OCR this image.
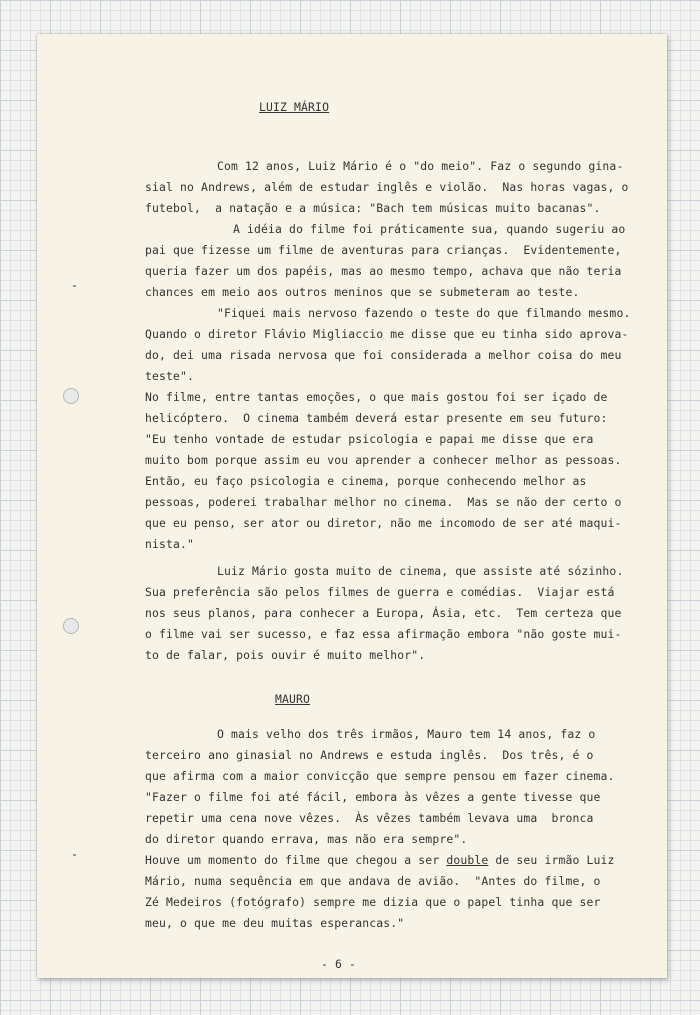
LUIZ MÁRIO
Com 12 anos, Luiz Mário é o "do meio". Faz o segundo gina-
sial no Andrews, além de estudar inglês e violão.  Nas horas vagas, o
futebol,  a natação e a música: "Bach tem músicas muito bacanas".
A idéia do filme foi práticamente sua, quando sugeriu ao
pai que fizesse um filme de aventuras para crianças.  Evidentemente,
queria fazer um dos papéis, mas ao mesmo tempo, achava que não teria
chances em meio aos outros meninos que se submeteram ao teste.
"Fiquei mais nervoso fazendo o teste do que filmando mesmo.
Quando o diretor Flávio Migliaccio me disse que eu tinha sido aprova-
do, dei uma risada nervosa que foi considerada a melhor coisa do meu
teste".
No filme, entre tantas emoções, o que mais gostou foi ser içado de
helicóptero.  O cinema também deverá estar presente em seu futuro:
"Eu tenho vontade de estudar psicologia e papai me disse que era
muito bom porque assim eu vou aprender a conhecer melhor as pessoas.
Então, eu faço psicologia e cinema, porque conhecendo melhor as
pessoas, poderei trabalhar melhor no cinema.  Mas se não der certo o
que eu penso, ser ator ou diretor, não me incomodo de ser até maqui-
nista."
Luiz Mário gosta muito de cinema, que assiste até sózinho.
Sua preferência são pelos filmes de guerra e comédias.  Viajar está
nos seus planos, para conhecer a Europa, Ásia, etc.  Tem certeza que
o filme vai ser sucesso, e faz essa afirmação embora "não goste mui-
to de falar, pois ouvir é muito melhor".
MAURO
O mais velho dos três irmãos, Mauro tem 14 anos, faz o
terceiro ano ginasial no Andrews e estuda inglês.  Dos três, é o
que afirma com a maior convicção que sempre pensou em fazer cinema.
"Fazer o filme foi até fácil, embora às vêzes a gente tivesse que
repetir uma cena nove vêzes.  Às vêzes também levava uma  bronca
do diretor quando errava, mas não era sempre".
Houve um momento do filme que chegou a ser double de seu irmão Luiz
Mário, numa sequência em que andava de avião.  "Antes do filme, o
Zé Medeiros (fotógrafo) sempre me dizia que o papel tinha que ser
meu, o que me deu muitas esperancas."
- 6 -
